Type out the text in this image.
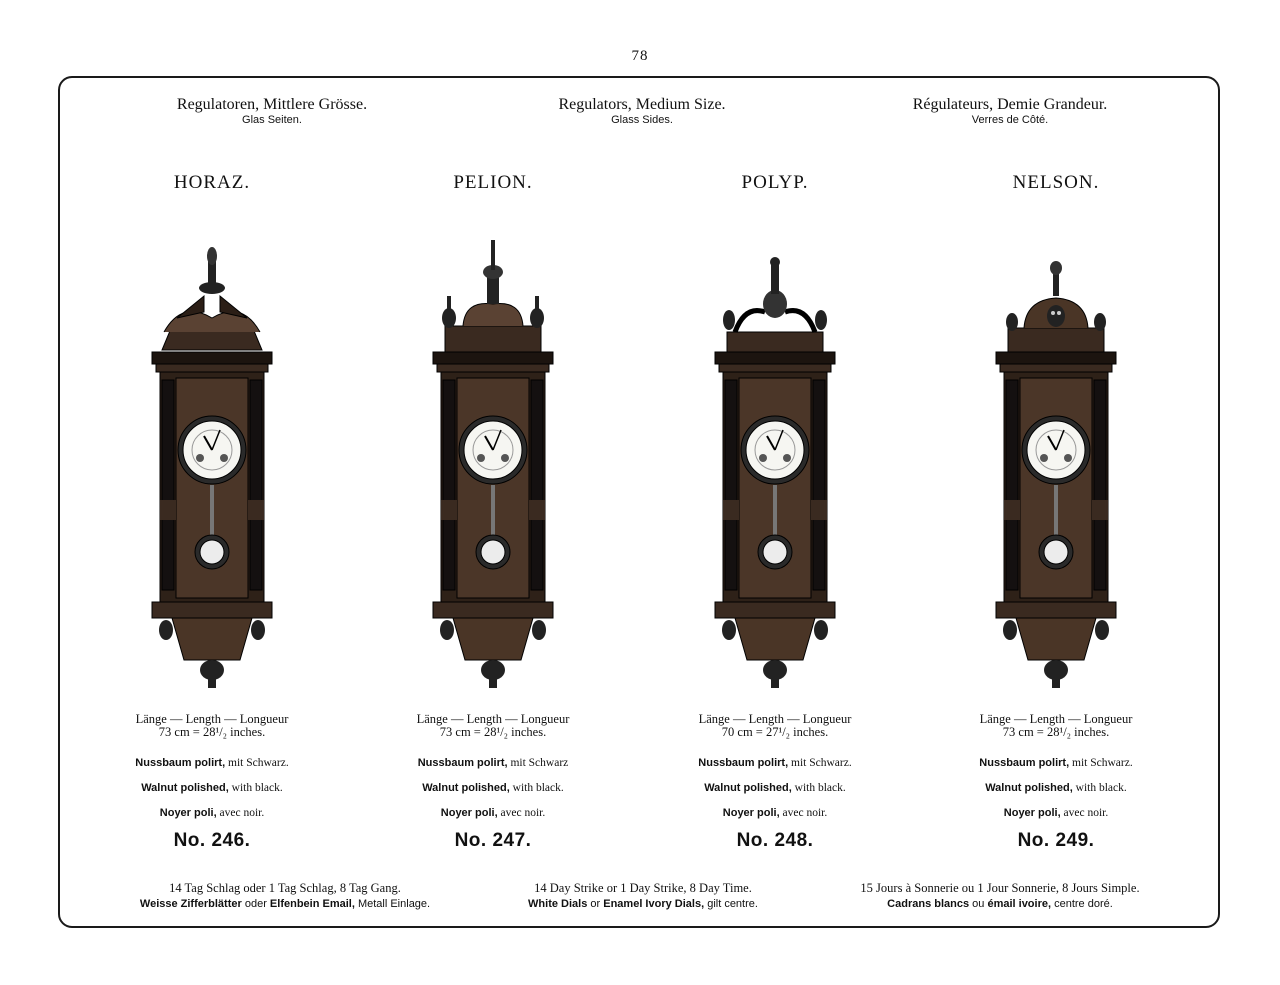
78
Regulatoren, Mittlere Grösse.
Glas Seiten.
Regulators, Medium Size.
Glass Sides.
Régulateurs, Demie Grandeur.
Verres de Côté.
HORAZ.
Länge — Length — Longueur
73 cm = 28¹/₂ inches.
Nussbaum polirt, mit Schwarz.
Walnut polished, with black.
Noyer poli, avec noir.
No. 246.
PELION.
Länge — Length — Longueur
73 cm = 28¹/₂ inches.
Nussbaum polirt, mit Schwarz
Walnut polished, with black.
Noyer poli, avec noir.
No. 247.
POLYP.
Länge — Length — Longueur
70 cm = 27¹/₂ inches.
Nussbaum polirt, mit Schwarz.
Walnut polished, with black.
Noyer poli, avec noir.
No. 248.
NELSON.
Länge — Length — Longueur
73 cm = 28¹/₂ inches.
Nussbaum polirt, mit Schwarz.
Walnut polished, with black.
Noyer poli, avec noir.
No. 249.
14 Tag Schlag oder 1 Tag Schlag, 8 Tag Gang.
Weisse Zifferblätter oder Elfenbein Email, Metall Einlage.
14 Day Strike or 1 Day Strike, 8 Day Time.
White Dials or Enamel Ivory Dials, gilt centre.
15 Jours à Sonnerie ou 1 Jour Sonnerie, 8 Jours Simple.
Cadrans blancs ou émail ivoire, centre doré.
